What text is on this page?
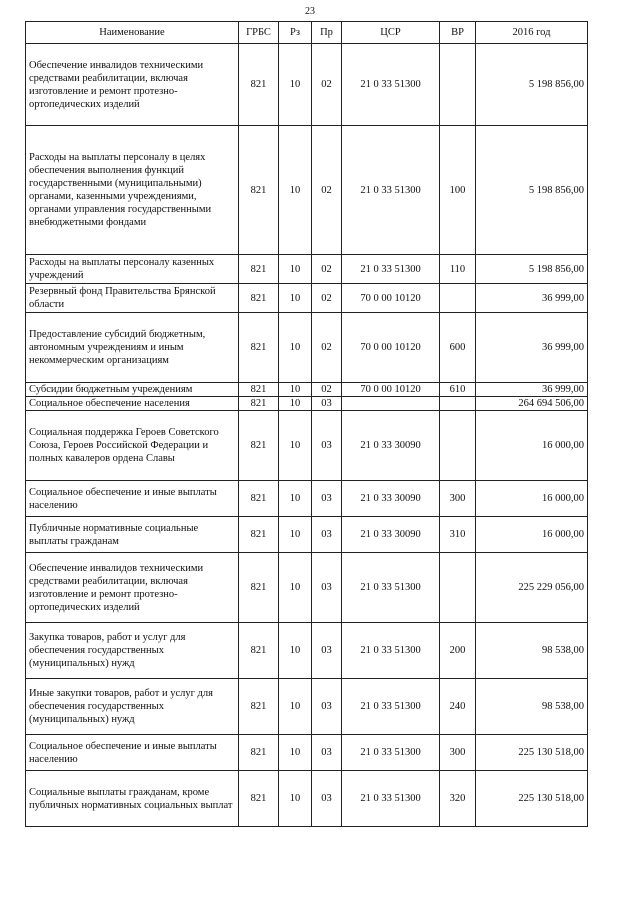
23
Наименование	ГРБС	Рз	Пр	ЦСР	ВР	2016 год
Обеспечение инвалидов техническими средствами реабилитации, включая изготовление и ремонт протезно-ортопедических изделий	821	10	02	21 0 33 51300		5 198 856,00
Расходы на выплаты персоналу в целях обеспечения выполнения функций государственными (муниципальными) органами, казенными учреждениями, органами управления государственными внебюджетными фондами	821	10	02	21 0 33 51300	100	5 198 856,00
Расходы на выплаты персоналу казенных учреждений	821	10	02	21 0 33 51300	110	5 198 856,00
Резервный фонд Правительства Брянской области	821	10	02	70 0 00 10120		36 999,00
Предоставление субсидий бюджетным, автономным учреждениям и иным некоммерческим организациям	821	10	02	70 0 00 10120	600	36 999,00
Субсидии бюджетным учреждениям	821	10	02	70 0 00 10120	610	36 999,00
Социальное обеспечение населения	821	10	03			264 694 506,00
Социальная поддержка Героев Советского Союза, Героев Российской Федерации и полных кавалеров ордена Славы	821	10	03	21 0 33 30090		16 000,00
Социальное обеспечение и иные выплаты населению	821	10	03	21 0 33 30090	300	16 000,00
Публичные нормативные социальные выплаты гражданам	821	10	03	21 0 33 30090	310	16 000,00
Обеспечение инвалидов техническими средствами реабилитации, включая изготовление и ремонт протезно-ортопедических изделий	821	10	03	21 0 33 51300		225 229 056,00
Закупка товаров, работ и услуг для обеспечения государственных (муниципальных) нужд	821	10	03	21 0 33 51300	200	98 538,00
Иные закупки товаров, работ и услуг для обеспечения государственных (муниципальных) нужд	821	10	03	21 0 33 51300	240	98 538,00
Социальное обеспечение и иные выплаты населению	821	10	03	21 0 33 51300	300	225 130 518,00
Социальные выплаты гражданам, кроме публичных нормативных социальных выплат	821	10	03	21 0 33 51300	320	225 130 518,00
